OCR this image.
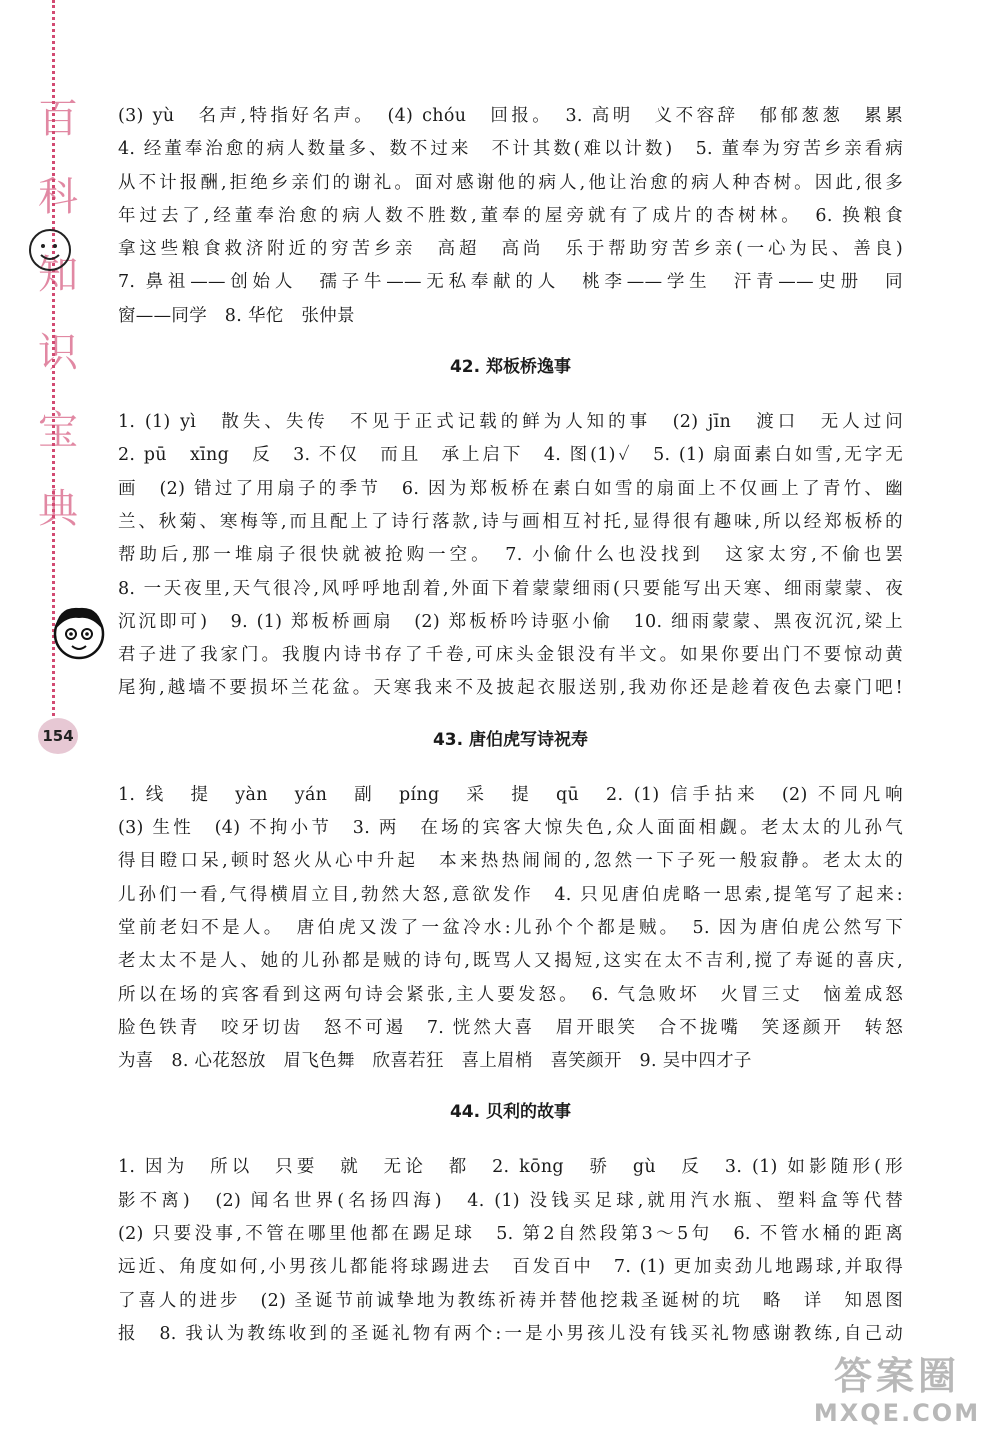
百
科
知
识
宝
典
154
(3) yù　名声,特指好名声。　(4) chóu　回报。　3. 高明　义不容辞　郁郁葱葱　累累
4. 经董奉治愈的病人数量多、数不过来　不计其数(难以计数)　5. 董奉为穷苦乡亲看病
从不计报酬,拒绝乡亲们的谢礼。面对感谢他的病人,他让治愈的病人种杏树。因此,很多
年过去了,经董奉治愈的病人数不胜数,董奉的屋旁就有了成片的杏树林。　6. 换粮食
拿这些粮食救济附近的穷苦乡亲　高超　高尚　乐于帮助穷苦乡亲(一心为民、善良)
7. 鼻祖——创始人　孺子牛——无私奉献的人　桃李——学生　汗青——史册　同
窗——同学　8. 华佗　张仲景
42. 郑板桥逸事
1. (1) yì　散失、失传　不见于正式记载的鲜为人知的事　(2) jīn　渡口　无人过问
2. pū　xīng　反　3. 不仅　而且　承上启下　4. 图(1)✓　5. (1) 扇面素白如雪,无字无
画　(2) 错过了用扇子的季节　6. 因为郑板桥在素白如雪的扇面上不仅画上了青竹、幽
兰、秋菊、寒梅等,而且配上了诗行落款,诗与画相互衬托,显得很有趣味,所以经郑板桥的
帮助后,那一堆扇子很快就被抢购一空。　7. 小偷什么也没找到　这家太穷,不偷也罢
8. 一天夜里,天气很冷,风呼呼地刮着,外面下着蒙蒙细雨(只要能写出天寒、细雨蒙蒙、夜
沉沉即可)　9. (1) 郑板桥画扇　(2) 郑板桥吟诗驱小偷　10. 细雨蒙蒙、黑夜沉沉,梁上
君子进了我家门。我腹内诗书存了千卷,可床头金银没有半文。如果你要出门不要惊动黄
尾狗,越墙不要损坏兰花盆。天寒我来不及披起衣服送别,我劝你还是趁着夜色去豪门吧!
43. 唐伯虎写诗祝寿
1. 线　提　yàn　yán　副　píng　采　提　qū　2. (1) 信手拈来　(2) 不同凡响
(3) 生性　(4) 不拘小节　3. 两　在场的宾客大惊失色,众人面面相觑。老太太的儿孙气
得目瞪口呆,顿时怒火从心中升起　本来热热闹闹的,忽然一下子死一般寂静。老太太的
儿孙们一看,气得横眉立目,勃然大怒,意欲发作　4. 只见唐伯虎略一思索,提笔写了起来:
堂前老妇不是人。　唐伯虎又泼了一盆冷水:儿孙个个都是贼。　5. 因为唐伯虎公然写下
老太太不是人、她的儿孙都是贼的诗句,既骂人又揭短,这实在太不吉利,搅了寿诞的喜庆,
所以在场的宾客看到这两句诗会紧张,主人要发怒。　6. 气急败坏　火冒三丈　恼羞成怒
脸色铁青　咬牙切齿　怒不可遏　7. 恍然大喜　眉开眼笑　合不拢嘴　笑逐颜开　转怒
为喜　8. 心花怒放　眉飞色舞　欣喜若狂　喜上眉梢　喜笑颜开　9. 吴中四才子
44. 贝利的故事
1. 因为　所以　只要　就　无论　都　2. kōng　骄　gù　反　3. (1) 如影随形(形
影不离)　(2) 闻名世界(名扬四海)　4. (1) 没钱买足球,就用汽水瓶、塑料盒等代替
(2) 只要没事,不管在哪里他都在踢足球　5. 第2自然段第3～5句　6. 不管水桶的距离
远近、角度如何,小男孩儿都能将球踢进去　百发百中　7. (1) 更加卖劲儿地踢球,并取得
了喜人的进步　(2) 圣诞节前诚挚地为教练祈祷并替他挖栽圣诞树的坑　略　详　知恩图
报　8. 我认为教练收到的圣诞礼物有两个:一是小男孩儿没有钱买礼物感谢教练,自己动
答案圈
MXQE.COM
